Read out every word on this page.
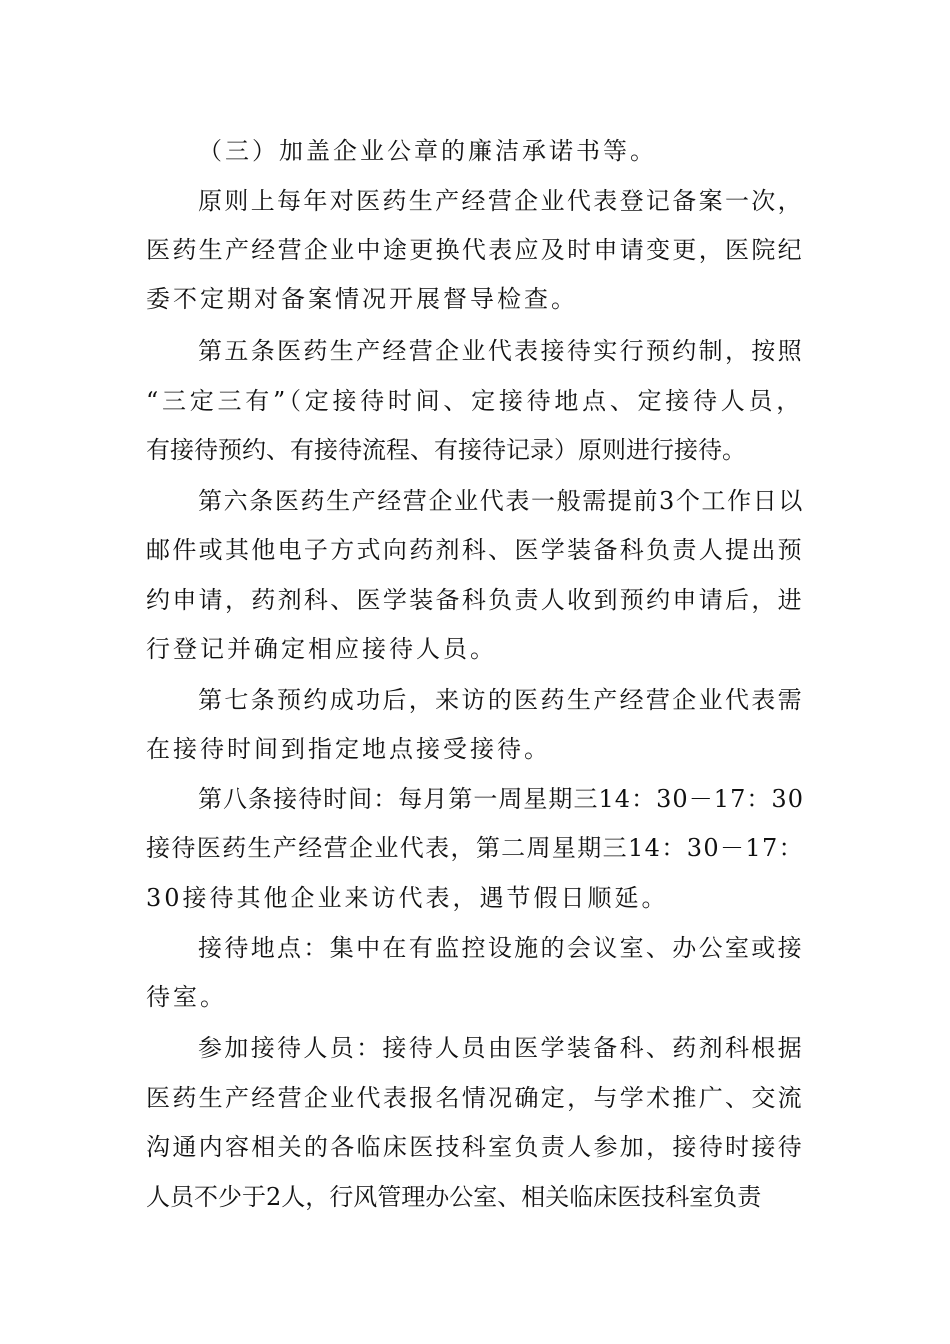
（三）加盖企业公章的廉洁承诺书等。
原则上每年对医药生产经营企业代表登记备案一次，
医药生产经营企业中途更换代表应及时申请变更，医院纪
委不定期对备案情况开展督导检查。
第五条医药生产经营企业代表接待实行预约制，按照
“三定三有”（定接待时间、定接待地点、定接待人员，
有接待预约、有接待流程、有接待记录）原则进行接待。
第六条医药生产经营企业代表一般需提前3个工作日以
邮件或其他电子方式向药剂科、医学装备科负责人提出预
约申请，药剂科、医学装备科负责人收到预约申请后，进
行登记并确定相应接待人员。
第七条预约成功后，来访的医药生产经营企业代表需
在接待时间到指定地点接受接待。
第八条接待时间：每月第一周星期三14：30－17：30
接待医药生产经营企业代表，第二周星期三14：30－17：
30接待其他企业来访代表，遇节假日顺延。
接待地点：集中在有监控设施的会议室、办公室或接
待室。
参加接待人员：接待人员由医学装备科、药剂科根据
医药生产经营企业代表报名情况确定，与学术推广、交流
沟通内容相关的各临床医技科室负责人参加，接待时接待
人员不少于2人，行风管理办公室、相关临床医技科室负责
